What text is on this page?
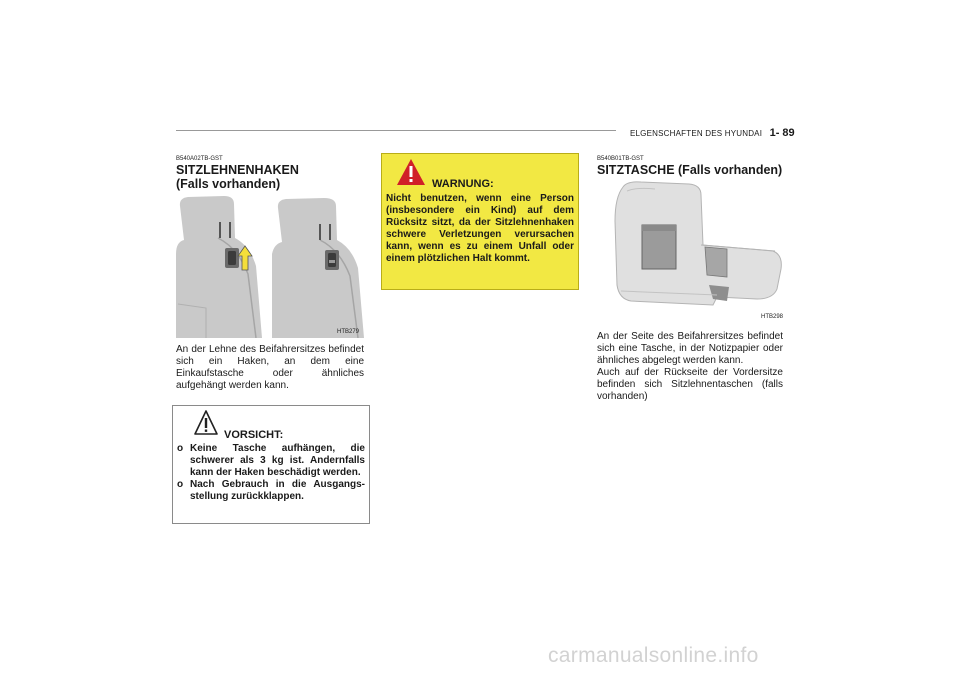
ELGENSCHAFTEN DES HYUNDAI 1- 89
B540A02TB-GST
SITZLEHNENHAKEN
(Falls vorhanden)
HTB279
An der Lehne des Beifahrersitzes befindet sich ein Haken, an dem eine Einkaufstasche oder ähnliches aufgehängt werden kann.
VORSICHT:
o Keine Tasche aufhängen, die schwerer als 3 kg ist. Andernfalls kann der Haken beschädigt werden.
o Nach Gebrauch in die Ausgangs-stellung zurückklappen.
WARNUNG:
Nicht benutzen, wenn eine Person (insbesondere ein Kind) auf dem Rücksitz sitzt, da der Sitzlehnenhaken schwere Verletzungen verursachen kann, wenn es zu einem Unfall oder einem plötzlichen Halt kommt.
B540B01TB-GST
SITZTASCHE (Falls vorhanden)
HTB298

An der Seite des Beifahrersitzes befindet sich eine Tasche, in der Notizpapier oder ähnliches abgelegt werden kann.

Auch auf der Rückseite der Vordersitze befinden sich Sitzlehnentaschen (falls vorhanden)

carmanualsonline.info
